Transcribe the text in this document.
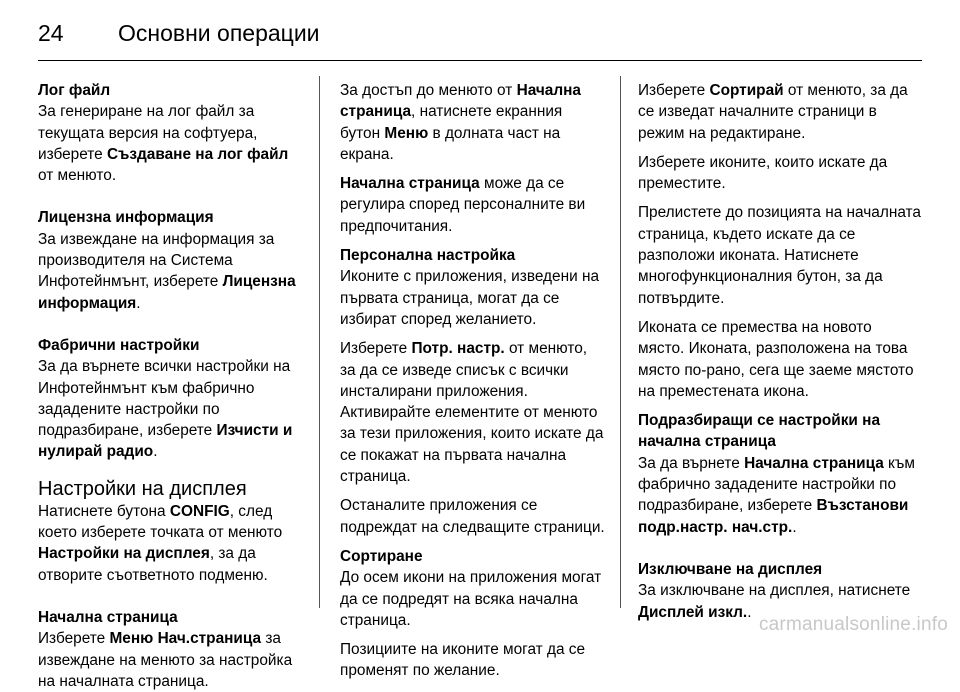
24 Основни операции

Лог файл

За генериране на лог файл за текущата версия на софтуера, изберете Създаване на лог файл от менюто.

Лицензна информация

За извеждане на информация за производителя на Система Инфотейнмънт, изберете Лицензна информация.

Фабрични настройки

За да върнете всички настройки на Инфотейнмънт към фабрично зададените настройки по подразбиране, изберете Изчисти и нулирай радио.

Настройки на дисплея

Натиснете бутона CONFIG, след което изберете точката от менюто Настройки на дисплея, за да отворите съответното подменю.

Начална страница

Изберете Меню Нач.страница за извеждане на менюто за настройка на началната страница.

За достъп до менюто от Начална страница, натиснете екранния бутон Меню в долната част на екрана.

Начална страница може да се регулира според персоналните ви предпочитания.

Персонална настройка

Иконите с приложения, изведени на първата страница, могат да се избират според желанието.

Изберете Потр. настр. от менюто, за да се изведе списък с всички инсталирани приложения.

Активирайте елементите от менюто за тези приложения, които искате да се покажат на първата начална страница.

Останалите приложения се подреждат на следващите страници.

Сортиране

До осем икони на приложения могат да се подредят на всяка начална страница.

Позициите на иконите могат да се променят по желание.

Изберете Сортирай от менюто, за да се изведат началните страници в режим на редактиране.

Изберете иконите, които искате да преместите.

Прелистете до позицията на началната страница, където искате да се разположи иконата. Натиснете многофункционалния бутон, за да потвърдите.

Иконата се премества на новото място. Иконата, разположена на това място по-рано, сега ще заеме мястото на преместената икона.

Подразбиращи се настройки на начална страница

За да върнете Начална страница към фабрично зададените настройки по подразбиране, изберете Възстанови подр.настр. нач.стр..

Изключване на дисплея

За изключване на дисплея, натиснете Дисплей изкл..

carmanualsonline.info
